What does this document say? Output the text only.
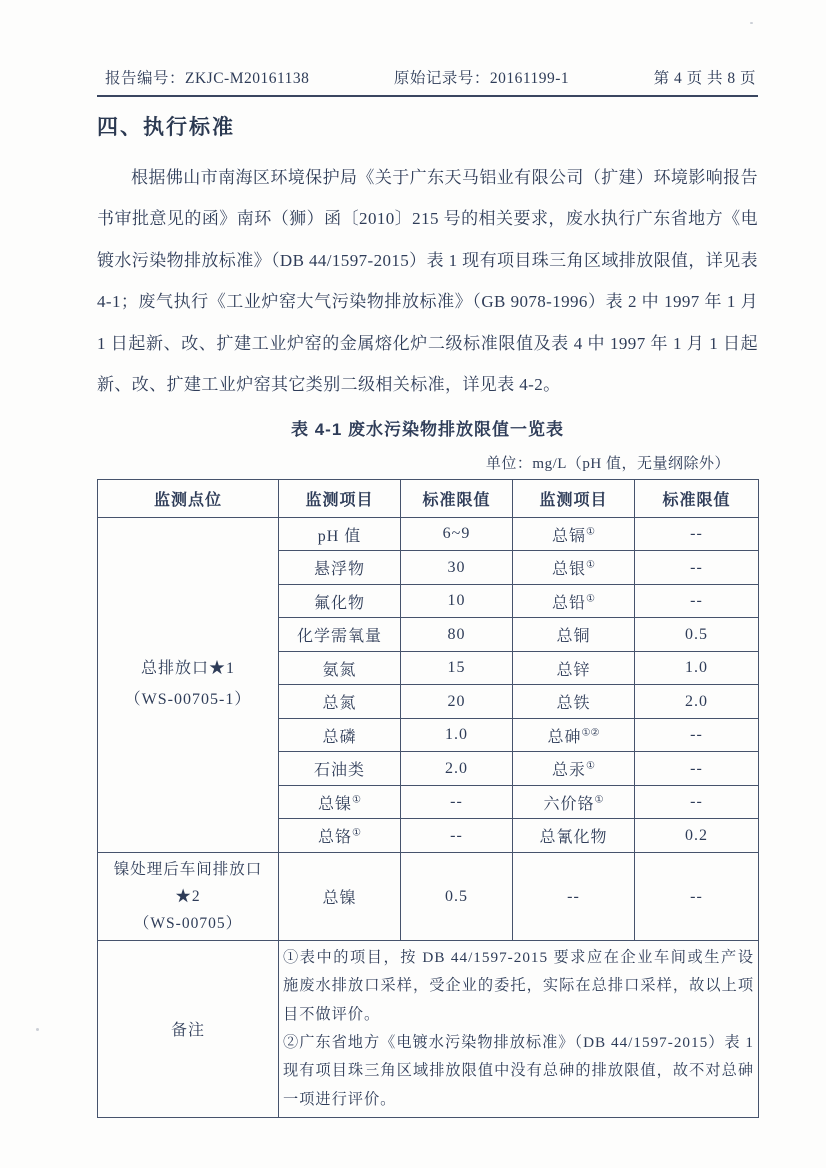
报告编号：ZKJC-M20161138	原始记录号：20161199-1	第 4 页 共 8 页
四、执行标准

根据佛山市南海区环境保护局《关于广东天马铝业有限公司（扩建）环境影响报告书审批意见的函》南环（狮）函〔2010〕215 号的相关要求，废水执行广东省地方《电镀水污染物排放标准》（DB 44/1597-2015）表 1 现有项目珠三角区域排放限值，详见表 4-1；废气执行《工业炉窑大气污染物排放标准》（GB 9078-1996）表 2 中 1997 年 1 月 1 日起新、改、扩建工业炉窑的金属熔化炉二级标准限值及表 4 中 1997 年 1 月 1 日起新、改、扩建工业炉窑其它类别二级相关标准，详见表 4-2。

表 4-1 废水污染物排放限值一览表
单位：mg/L（pH 值，无量纲除外）
监测点位	监测项目	标准限值	监测项目	标准限值

总排放口★1
（WS-00705-1）	pH 值	6~9	总镉①	--
	悬浮物	30	总银①	--
	氟化物	10	总铅①	--
	化学需氧量	80	总铜	0.5
	氨氮	15	总锌	1.0
	总氮	20	总铁	2.0
	总磷	1.0	总砷①②	--
	石油类	2.0	总汞①	--
	总镍①	--	六价铬①	--
	总铬①	--	总氰化物	0.2

镍处理后车间排放口★2
（WS-00705）	总镍	0.5	--	--
备注	①表中的项目，按 DB 44/1597-2015 要求应在企业车间或生产设施废水排放口采样，受企业的委托，实际在总排口采样，故以上项目不做评价。
②广东省地方《电镀水污染物排放标准》（DB 44/1597-2015）表 1 现有项目珠三角区域排放限值中没有总砷的排放限值，故不对总砷一项进行评价。			
